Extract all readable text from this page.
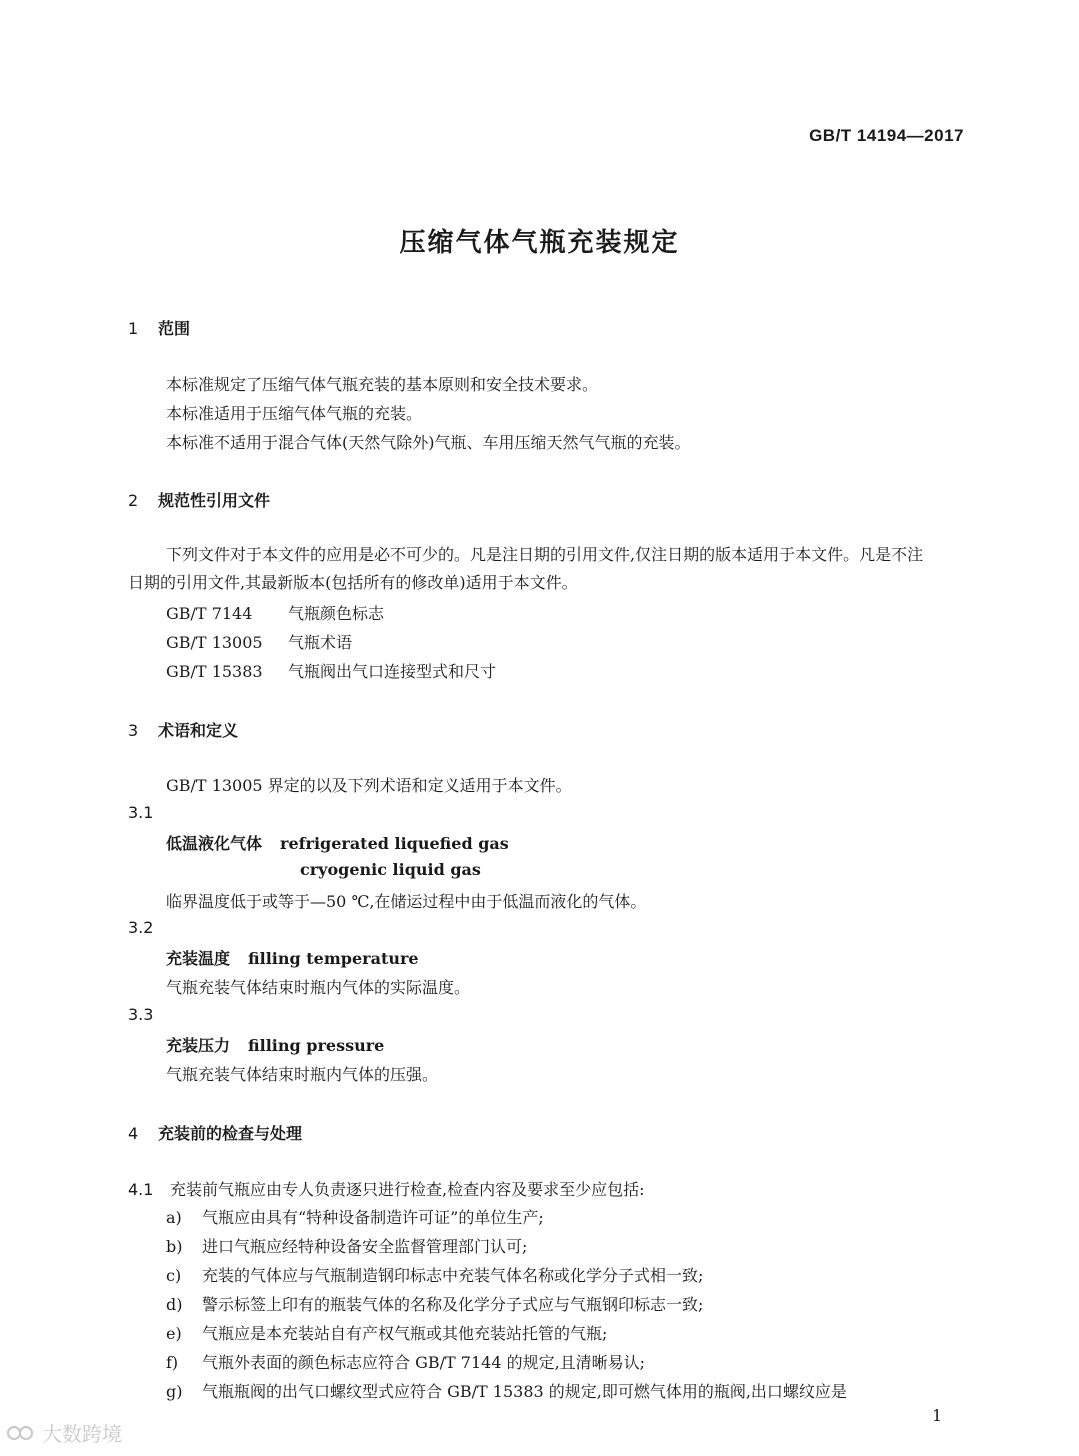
GB/T 14194—2017
压缩气体气瓶充装规定
1 范围
本标准规定了压缩气体气瓶充装的基本原则和安全技术要求。
本标准适用于压缩气体气瓶的充装。
本标准不适用于混合气体(天然气除外)气瓶、车用压缩天然气气瓶的充装。
2 规范性引用文件
下列文件对于本文件的应用是必不可少的。凡是注日期的引用文件,仅注日期的版本适用于本文件。凡是不注日期的引用文件,其最新版本(包括所有的修改单)适用于本文件。
GB/T 7144 气瓶颜色标志
GB/T 13005 气瓶术语
GB/T 15383 气瓶阀出气口连接型式和尺寸
3 术语和定义
GB/T 13005 界定的以及下列术语和定义适用于本文件。
3.1
低温液化气体 refrigerated liquefied gas
cryogenic liquid gas
临界温度低于或等于—50 ℃,在储运过程中由于低温而液化的气体。
3.2
充装温度 filling temperature
气瓶充装气体结束时瓶内气体的实际温度。
3.3
充装压力 filling pressure
气瓶充装气体结束时瓶内气体的压强。
4 充装前的检查与处理
4.1 充装前气瓶应由专人负责逐只进行检查,检查内容及要求至少应包括:
a) 气瓶应由具有“特种设备制造许可证”的单位生产;
b) 进口气瓶应经特种设备安全监督管理部门认可;
c) 充装的气体应与气瓶制造钢印标志中充装气体名称或化学分子式相一致;
d) 警示标签上印有的瓶装气体的名称及化学分子式应与气瓶钢印标志一致;
e) 气瓶应是本充装站自有产权气瓶或其他充装站托管的气瓶;
f) 气瓶外表面的颜色标志应符合 GB/T 7144 的规定,且清晰易认;
g) 气瓶瓶阀的出气口螺纹型式应符合 GB/T 15383 的规定,即可燃气体用的瓶阀,出口螺纹应是
1
大数跨境
